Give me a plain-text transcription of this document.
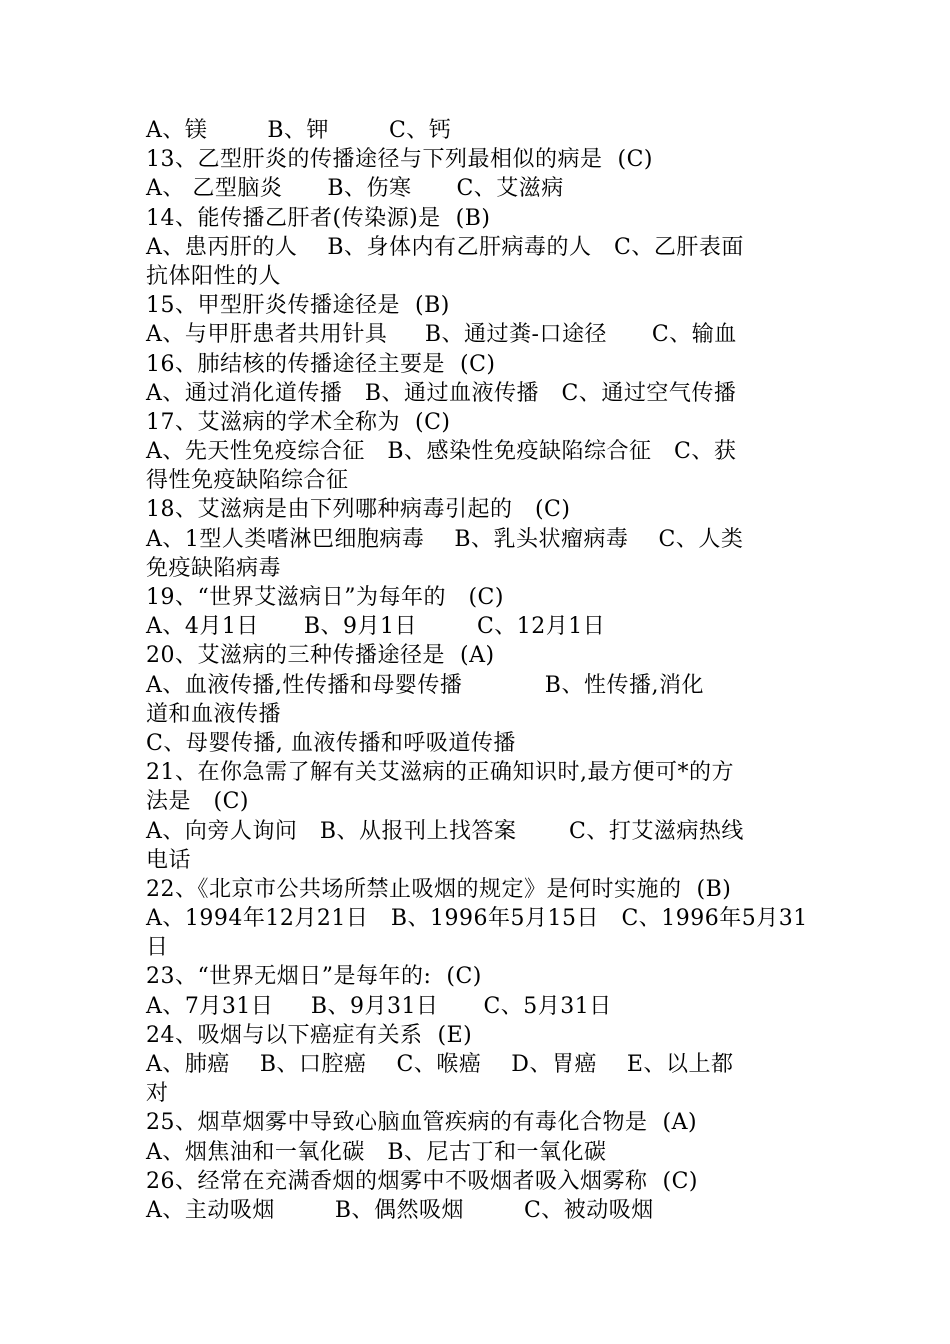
A、镁        B、钾        C、钙
13、乙型肝炎的传播途径与下列最相似的病是  (C)
A、 乙型脑炎      B、伤寒      C、艾滋病
14、能传播乙肝者(传染源)是  (B)
A、患丙肝的人    B、身体内有乙肝病毒的人   C、乙肝表面
抗体阳性的人
15、甲型肝炎传播途径是  (B)
A、与甲肝患者共用针具     B、通过粪-口途径      C、输血
16、肺结核的传播途径主要是  (C)
A、通过消化道传播   B、通过血液传播   C、通过空气传播
17、艾滋病的学术全称为  (C)
A、先天性免疫综合征   B、感染性免疫缺陷综合征   C、获
得性免疫缺陷综合征
18、艾滋病是由下列哪种病毒引起的   (C)
A、1型人类嗜淋巴细胞病毒    B、乳头状瘤病毒    C、人类
免疫缺陷病毒
19、“世界艾滋病日”为每年的   (C)
A、4月1日      B、9月1日        C、12月1日
20、艾滋病的三种传播途径是  (A)
A、血液传播,性传播和母婴传播           B、性传播,消化
道和血液传播
C、母婴传播, 血液传播和呼吸道传播
21、在你急需了解有关艾滋病的正确知识时,最方便可*的方
法是   (C)
A、向旁人询问   B、从报刊上找答案       C、打艾滋病热线
电话
22、《北京市公共场所禁止吸烟的规定》是何时实施的  (B)
A、1994年12月21日   B、1996年5月15日   C、1996年5月31
日
23、“世界无烟日”是每年的:  (C)
A、7月31日     B、9月31日      C、5月31日
24、吸烟与以下癌症有关系  (E)
A、肺癌    B、口腔癌    C、喉癌    D、胃癌    E、以上都
对
25、烟草烟雾中导致心脑血管疾病的有毒化合物是  (A)
A、烟焦油和一氧化碳   B、尼古丁和一氧化碳
26、经常在充满香烟的烟雾中不吸烟者吸入烟雾称  (C)
A、主动吸烟        B、偶然吸烟        C、被动吸烟
